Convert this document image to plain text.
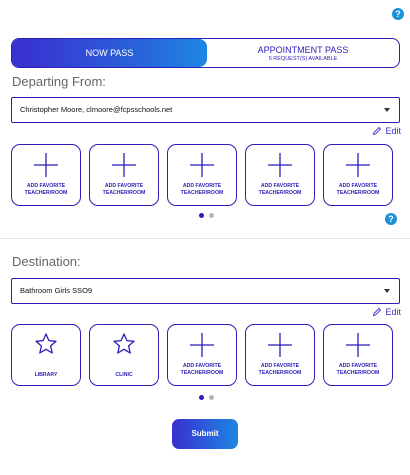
?
NOW PASS	APPOINTMENT PASS
5 REQUEST(S) AVAILABLE
Departing From:
Christopher Moore, clmoore@fcpsschools.net
Edit
ADD FAVORITE
TEACHER/ROOM
ADD FAVORITE
TEACHER/ROOM
ADD FAVORITE
TEACHER/ROOM
ADD FAVORITE
TEACHER/ROOM
ADD FAVORITE
TEACHER/ROOM
?
Destination:
Bathroom Girls SSO9
Edit
LIBRARY	CLINIC
ADD FAVORITE
TEACHER/ROOM
ADD FAVORITE
TEACHER/ROOM
ADD FAVORITE
TEACHER/ROOM
Submit
